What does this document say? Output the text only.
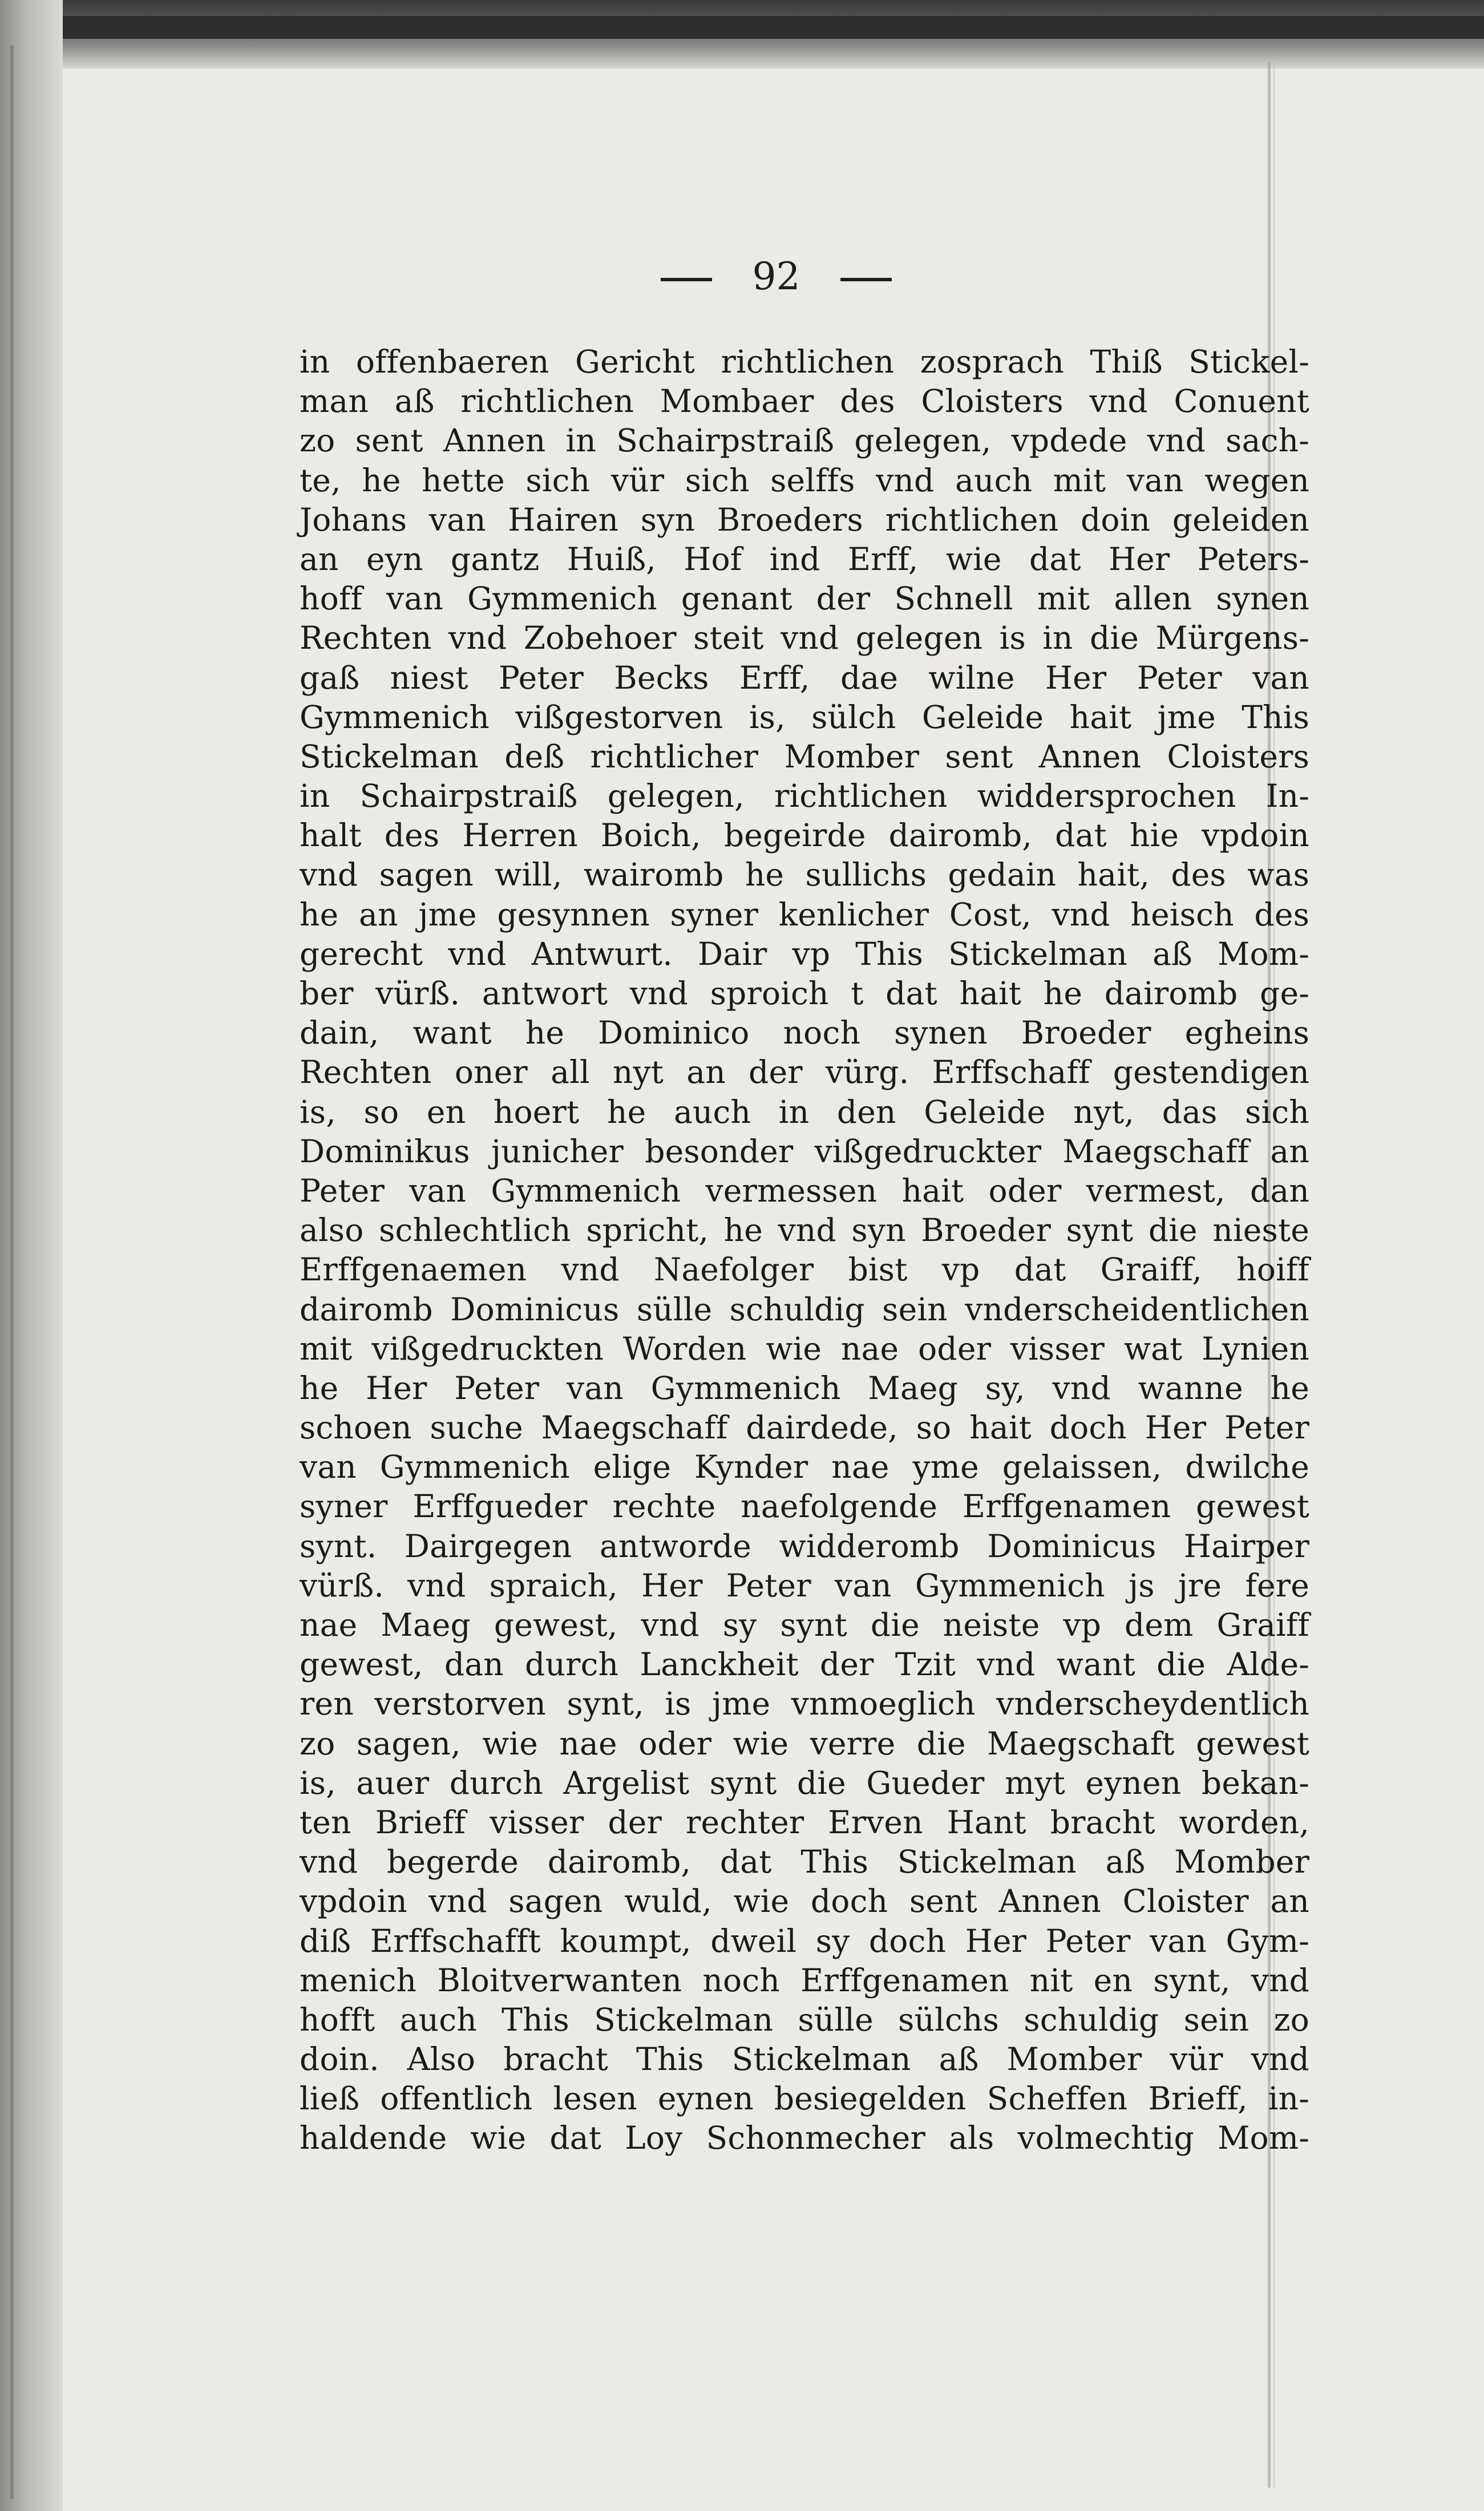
92
in offenbaeren Gericht richtlichen zosprach Thiß Stickel-
man aß richtlichen Mombaer des Cloisters vnd Conuent
zo sent Annen in Schairpstraiß gelegen, vpdede vnd sach-
te, he hette sich vür sich selffs vnd auch mit van wegen
Johans van Hairen syn Broeders richtlichen doin geleiden
an eyn gantz Huiß, Hof ind Erff, wie dat Her Peters-
hoff van Gymmenich genant der Schnell mit allen synen
Rechten vnd Zobehoer steit vnd gelegen is in die Mürgens-
gaß niest Peter Becks Erff, dae wilne Her Peter van
Gymmenich vißgestorven is, sülch Geleide hait jme This
Stickelman deß richtlicher Momber sent Annen Cloisters
in Schairpstraiß gelegen, richtlichen widdersprochen In-
halt des Herren Boich, begeirde dairomb, dat hie vpdoin
vnd sagen will, wairomb he sullichs gedain hait, des was
he an jme gesynnen syner kenlicher Cost, vnd heisch des
gerecht vnd Antwurt. Dair vp This Stickelman aß Mom-
ber vürß. antwort vnd sproich t dat hait he dairomb ge-
dain, want he Dominico noch synen Broeder egheins
Rechten oner all nyt an der vürg. Erffschaff gestendigen
is, so en hoert he auch in den Geleide nyt, das sich
Dominikus junicher besonder vißgedruckter Maegschaff an
Peter van Gymmenich vermessen hait oder vermest, dan
also schlechtlich spricht, he vnd syn Broeder synt die nieste
Erffgenaemen vnd Naefolger bist vp dat Graiff, hoiff
dairomb Dominicus sülle schuldig sein vnderscheidentlichen
mit vißgedruckten Worden wie nae oder visser wat Lynien
he Her Peter van Gymmenich Maeg sy, vnd wanne he
schoen suche Maegschaff dairdede, so hait doch Her Peter
van Gymmenich elige Kynder nae yme gelaissen, dwilche
syner Erffgueder rechte naefolgende Erffgenamen gewest
synt. Dairgegen antworde widderomb Dominicus Hairper
vürß. vnd spraich, Her Peter van Gymmenich js jre fere
nae Maeg gewest, vnd sy synt die neiste vp dem Graiff
gewest, dan durch Lanckheit der Tzit vnd want die Alde-
ren verstorven synt, is jme vnmoeglich vnderscheydentlich
zo sagen, wie nae oder wie verre die Maegschaft gewest
is, auer durch Argelist synt die Gueder myt eynen bekan-
ten Brieff visser der rechter Erven Hant bracht worden,
vnd begerde dairomb, dat This Stickelman aß Momber
vpdoin vnd sagen wuld, wie doch sent Annen Cloister an
diß Erffschafft koumpt, dweil sy doch Her Peter van Gym-
menich Bloitverwanten noch Erffgenamen nit en synt, vnd
hofft auch This Stickelman sülle sülchs schuldig sein zo
doin. Also bracht This Stickelman aß Momber vür vnd
ließ offentlich lesen eynen besiegelden Scheffen Brieff, in-
haldende wie dat Loy Schonmecher als volmechtig Mom-
